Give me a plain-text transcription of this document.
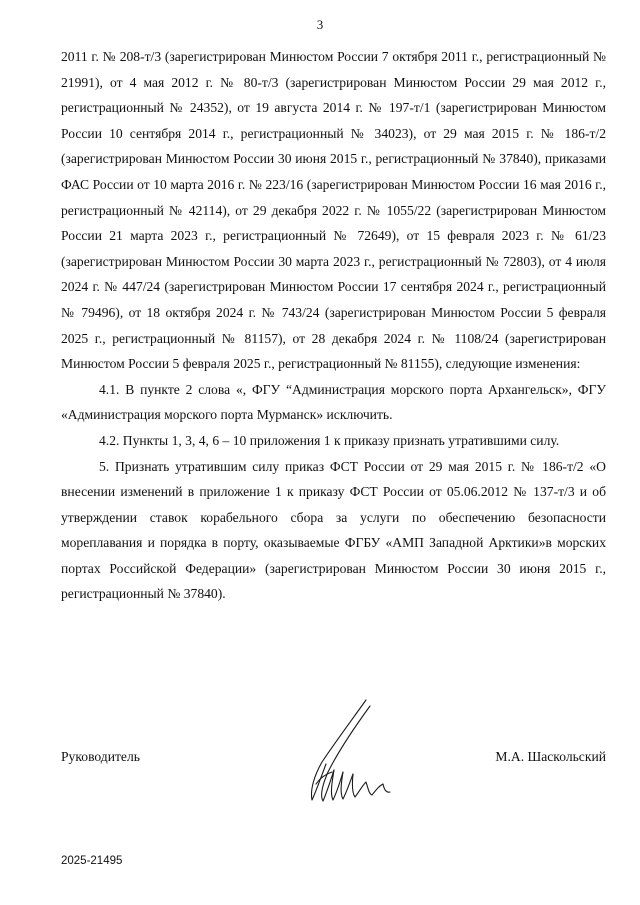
3

2011 г. № 208-т/3 (зарегистрирован Минюстом России 7 октября 2011 г., регистрационный № 21991), от 4 мая 2012 г. № 80-т/3 (зарегистрирован Минюстом России 29 мая 2012 г., регистрационный № 24352), от 19 августа 2014 г. № 197-т/1 (зарегистрирован Минюстом России 10 сентября 2014 г., регистрационный № 34023), от 29 мая 2015 г. № 186-т/2 (зарегистрирован Минюстом России 30 июня 2015 г., регистрационный № 37840), приказами ФАС России от 10 марта 2016 г. № 223/16 (зарегистрирован Минюстом России 16 мая 2016 г., регистрационный № 42114), от 29 декабря 2022 г. № 1055/22 (зарегистрирован Минюстом России 21 марта 2023 г., регистрационный № 72649), от 15 февраля 2023 г. № 61/23 (зарегистрирован Минюстом России 30 марта 2023 г., регистрационный № 72803), от 4 июля 2024 г. № 447/24 (зарегистрирован Минюстом России 17 сентября 2024 г., регистрационный № 79496), от 18 октября 2024 г. № 743/24 (зарегистрирован Минюстом России 5 февраля 2025 г., регистрационный № 81157), от 28 декабря 2024 г. № 1108/24 (зарегистрирован Минюстом России 5 февраля 2025 г., регистрационный № 81155), следующие изменения:

4.1. В пункте 2 слова «, ФГУ “Администрация морского порта Архангельск», ФГУ «Администрация морского порта Мурманск» исключить.

4.2. Пункты 1, 3, 4, 6 – 10 приложения 1 к приказу признать утратившими силу.

5. Признать утратившим силу приказ ФСТ России от 29 мая 2015 г. № 186-т/2 «О внесении изменений в приложение 1 к приказу ФСТ России от 05.06.2012 № 137-т/3 и об утверждении ставок корабельного сбора за услуги по обеспечению безопасности мореплавания и порядка в порту, оказываемые ФГБУ «АМП Западной Арктики»в морских портах Российской Федерации» (зарегистрирован Минюстом России 30 июня 2015 г., регистрационный № 37840).

Руководитель	М.А. Шаскольский
2025-21495
